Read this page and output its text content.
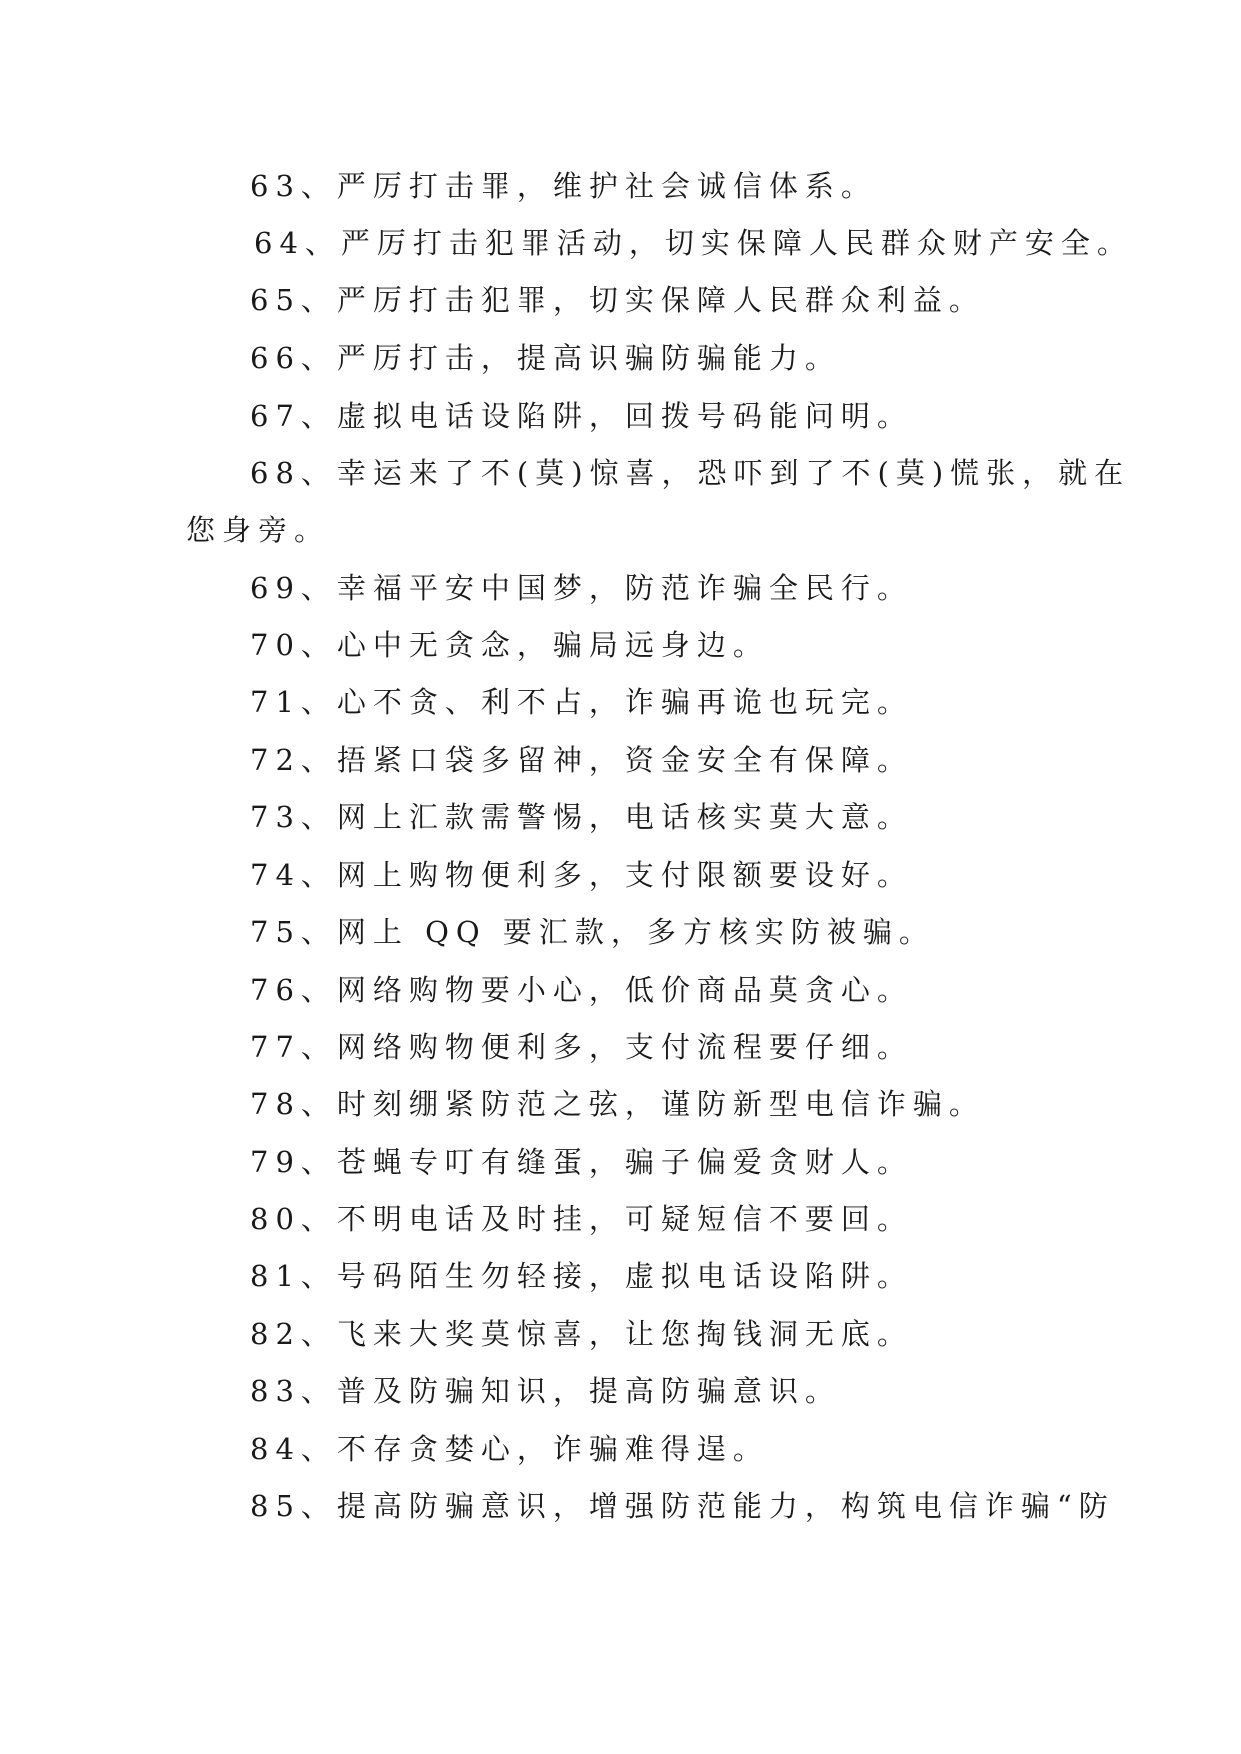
63、严厉打击罪，维护社会诚信体系。
64、严厉打击犯罪活动，切实保障人民群众财产安全。
65、严厉打击犯罪，切实保障人民群众利益。
66、严厉打击，提高识骗防骗能力。
67、虚拟电话设陷阱，回拨号码能问明。
68、幸运来了不(莫)惊喜，恐吓到了不(莫)慌张，就在
您身旁。
69、幸福平安中国梦，防范诈骗全民行。
70、心中无贪念，骗局远身边。
71、心不贪、利不占，诈骗再诡也玩完。
72、捂紧口袋多留神，资金安全有保障。
73、网上汇款需警惕，电话核实莫大意。
74、网上购物便利多，支付限额要设好。
75、网上 QQ 要汇款，多方核实防被骗。
76、网络购物要小心，低价商品莫贪心。
77、网络购物便利多，支付流程要仔细。
78、时刻绷紧防范之弦，谨防新型电信诈骗。
79、苍蝇专叮有缝蛋，骗子偏爱贪财人。
80、不明电话及时挂，可疑短信不要回。
81、号码陌生勿轻接，虚拟电话设陷阱。
82、飞来大奖莫惊喜，让您掏钱洞无底。
83、普及防骗知识，提高防骗意识。
84、不存贪婪心，诈骗难得逞。
85、提高防骗意识，增强防范能力，构筑电信诈骗“防
